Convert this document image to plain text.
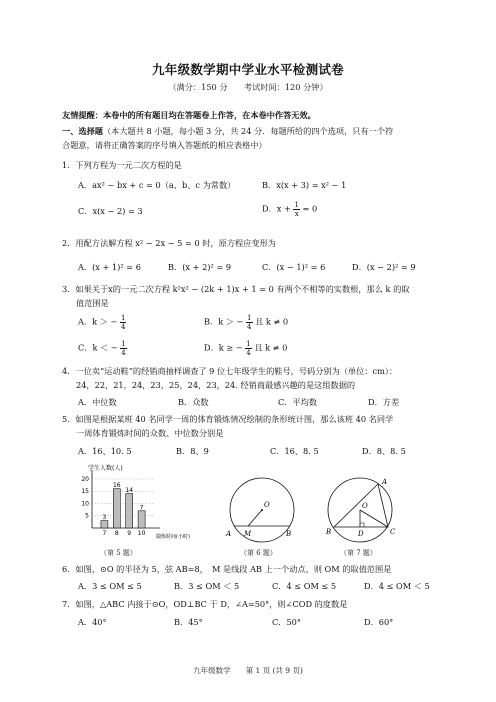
九年级数学期中学业水平检测试卷
（满分：150 分　　考试时间：120 分钟）
友情提醒：本卷中的所有题目均在答题卷上作答，在本卷中作答无效。
一、选择题（本大题共 8 小题，每小题 3 分，共 24 分．每题所给的四个选项，只有一个符
合题意，请将正确答案的序号填入答题纸的相应表格中）
1．下列方程为一元二次方程的是
A．ax² − bx + c = 0（a、b、c 为常数）	B．x(x + 3) = x² − 1
C．x(x − 2) = 3	D．$x + \frac{1}{x} = 0$
2．用配方法解方程 x² − 2x − 5 = 0 时，原方程应变形为
A．(x + 1)² = 6	B．(x + 2)² = 9	C．(x − 1)² = 6	D．(x − 2)² = 9
3．如果关于x的一元二次方程 k²x² − (2k + 1)x + 1 = 0 有两个不相等的实数根，那么 k 的取
值范围是
A．k ＞ − $\frac{1}{4}$	B．k ＞ − $\frac{1}{4}$ 且 k ≠ 0
C．k ＜ − $\frac{1}{4}$	D．k ≥ − $\frac{1}{4}$ 且 k ≠ 0
4．一位卖“运动鞋”的经销商抽样调查了 9 位七年级学生的鞋号，号码分别为（单位：cm）：
24，22，21，24，23，25，24，23，24. 经销商最感兴趣的是这组数据的
A．中位数	B．众数	C．平均数	D．方差
5．如图是根据某班 40 名同学一周的体育锻炼情况绘制的条形统计图，那么该班 40 名同学
一周体育锻炼时间的众数、中位数分别是
A．16、10. 5	B．8、9	C．16、8. 5	D．8、8. 5
5
10
15
20
3
7
16
8
14
9
7
10
学生人数(人)
锻炼时间(小时)
（第 5 题）
O
A M	B
（第 6 题）
A
O
B	D	C
（第 7 题）
6．如图，⊙O 的半径为 5，弦 AB=8，　M 是线段 AB 上一个动点，则 OM 的取值范围是
A．3 ≤ OM ≤ 5	B．3 ≤ OM ＜ 5	C．4 ≤ OM ≤ 5	D．4 ≤ OM ＜ 5
7．如图，△ABC 内接于⊙O，OD⊥BC 于 D，∠A=50°，则∠COD 的度数是
A．40°	B．45°	C．50°	D．60°
九年级数学　　第 1 页 (共 9 页)
